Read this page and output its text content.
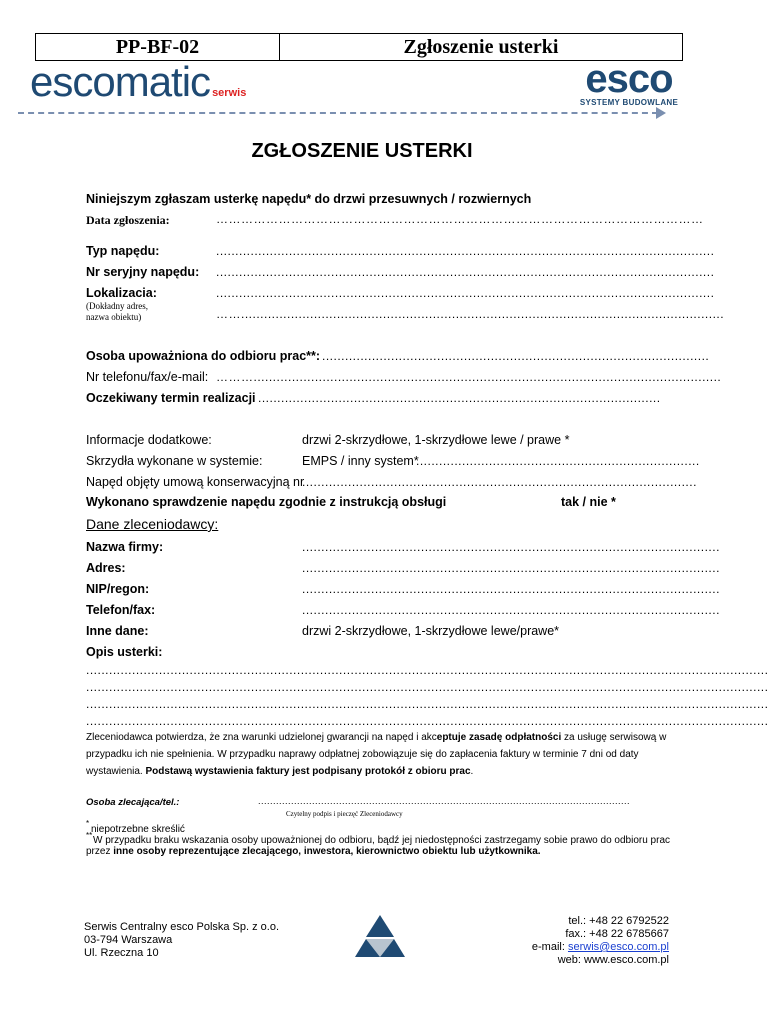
PP-BF-02	Zgłoszenie usterki
escomatic serwis	esco
SYSTEMY BUDOWLANE
ZGŁOSZENIE USTERKI
Niniejszym zgłaszam usterkę napędu* do drzwi przesuwnych / rozwiernych
Data zgłoszenia:	………………………………………………………………………………………………………
Typ napędu:	..................................................................................................................................
Nr seryjny napędu: ..................................................................................................................................
Lokalizacia:	..................................................................................................................................
(Dokładny adres,
nazwa obiektu)	……..............................................................................................................................
Osoba upoważniona do odbioru prac**: .....................................................................................................
Nr telefonu/fax/e-mail: ………..........................................................................................................................
Oczekiwany termin realizacji .........................................................................................................
Informacje dodatkowe:	drzwi 2-skrzydłowe, 1-skrzydłowe lewe / prawe *
Skrzydła wykonane w systemie:	EMPS / inny system*
..........................................................................
Napęd objęty umową konserwacyjną nr
.......................................................................................................
Wykonano sprawdzenie napędu zgodnie z instrukcją obsługi	tak / nie *
Dane zleceniodawcy:
Nazwa firmy:	.............................................................................................................
Adres:	.............................................................................................................
NIP/regon:	.............................................................................................................
Telefon/fax:	.............................................................................................................
Inne dane:	drzwi 2-skrzydłowe, 1-skrzydłowe lewe/prawe*
Opis usterki:
..................................................................................................................................................................................
..................................................................................................................................................................................
..................................................................................................................................................................................
..................................................................................................................................................................................
Zleceniodawca potwierdza, że zna warunki udzielonej gwarancji na napęd i akceptuje zasadę odpłatności za usługę serwisową w
przypadku ich nie spełnienia. W przypadku naprawy odpłatnej zobowiązuje się do zapłacenia faktury w terminie 7 dni od daty
wystawienia. Podstawą wystawienia faktury jest podpisany protokół z obioru prac.
Osoba zlecająca/tel.:	............................................................................................................................
Czytelny podpis i pieczęć Zleceniodawcy
*
niepotrzebne skreślić
** W przypadku braku wskazania osoby upoważnionej do odbioru, bądź jej niedostępności zastrzegamy sobie prawo do odbioru prac
przez inne osoby reprezentujące zlecającego, inwestora, kierownictwo obiektu lub użytkownika.
Serwis Centralny esco Polska Sp. z o.o.
03-794 Warszawa
Ul. Rzeczna 10
tel.: +48 22 6792522
fax.: +48 22 6785667
e-mail: serwis@esco.com.pl
web: www.esco.com.pl
